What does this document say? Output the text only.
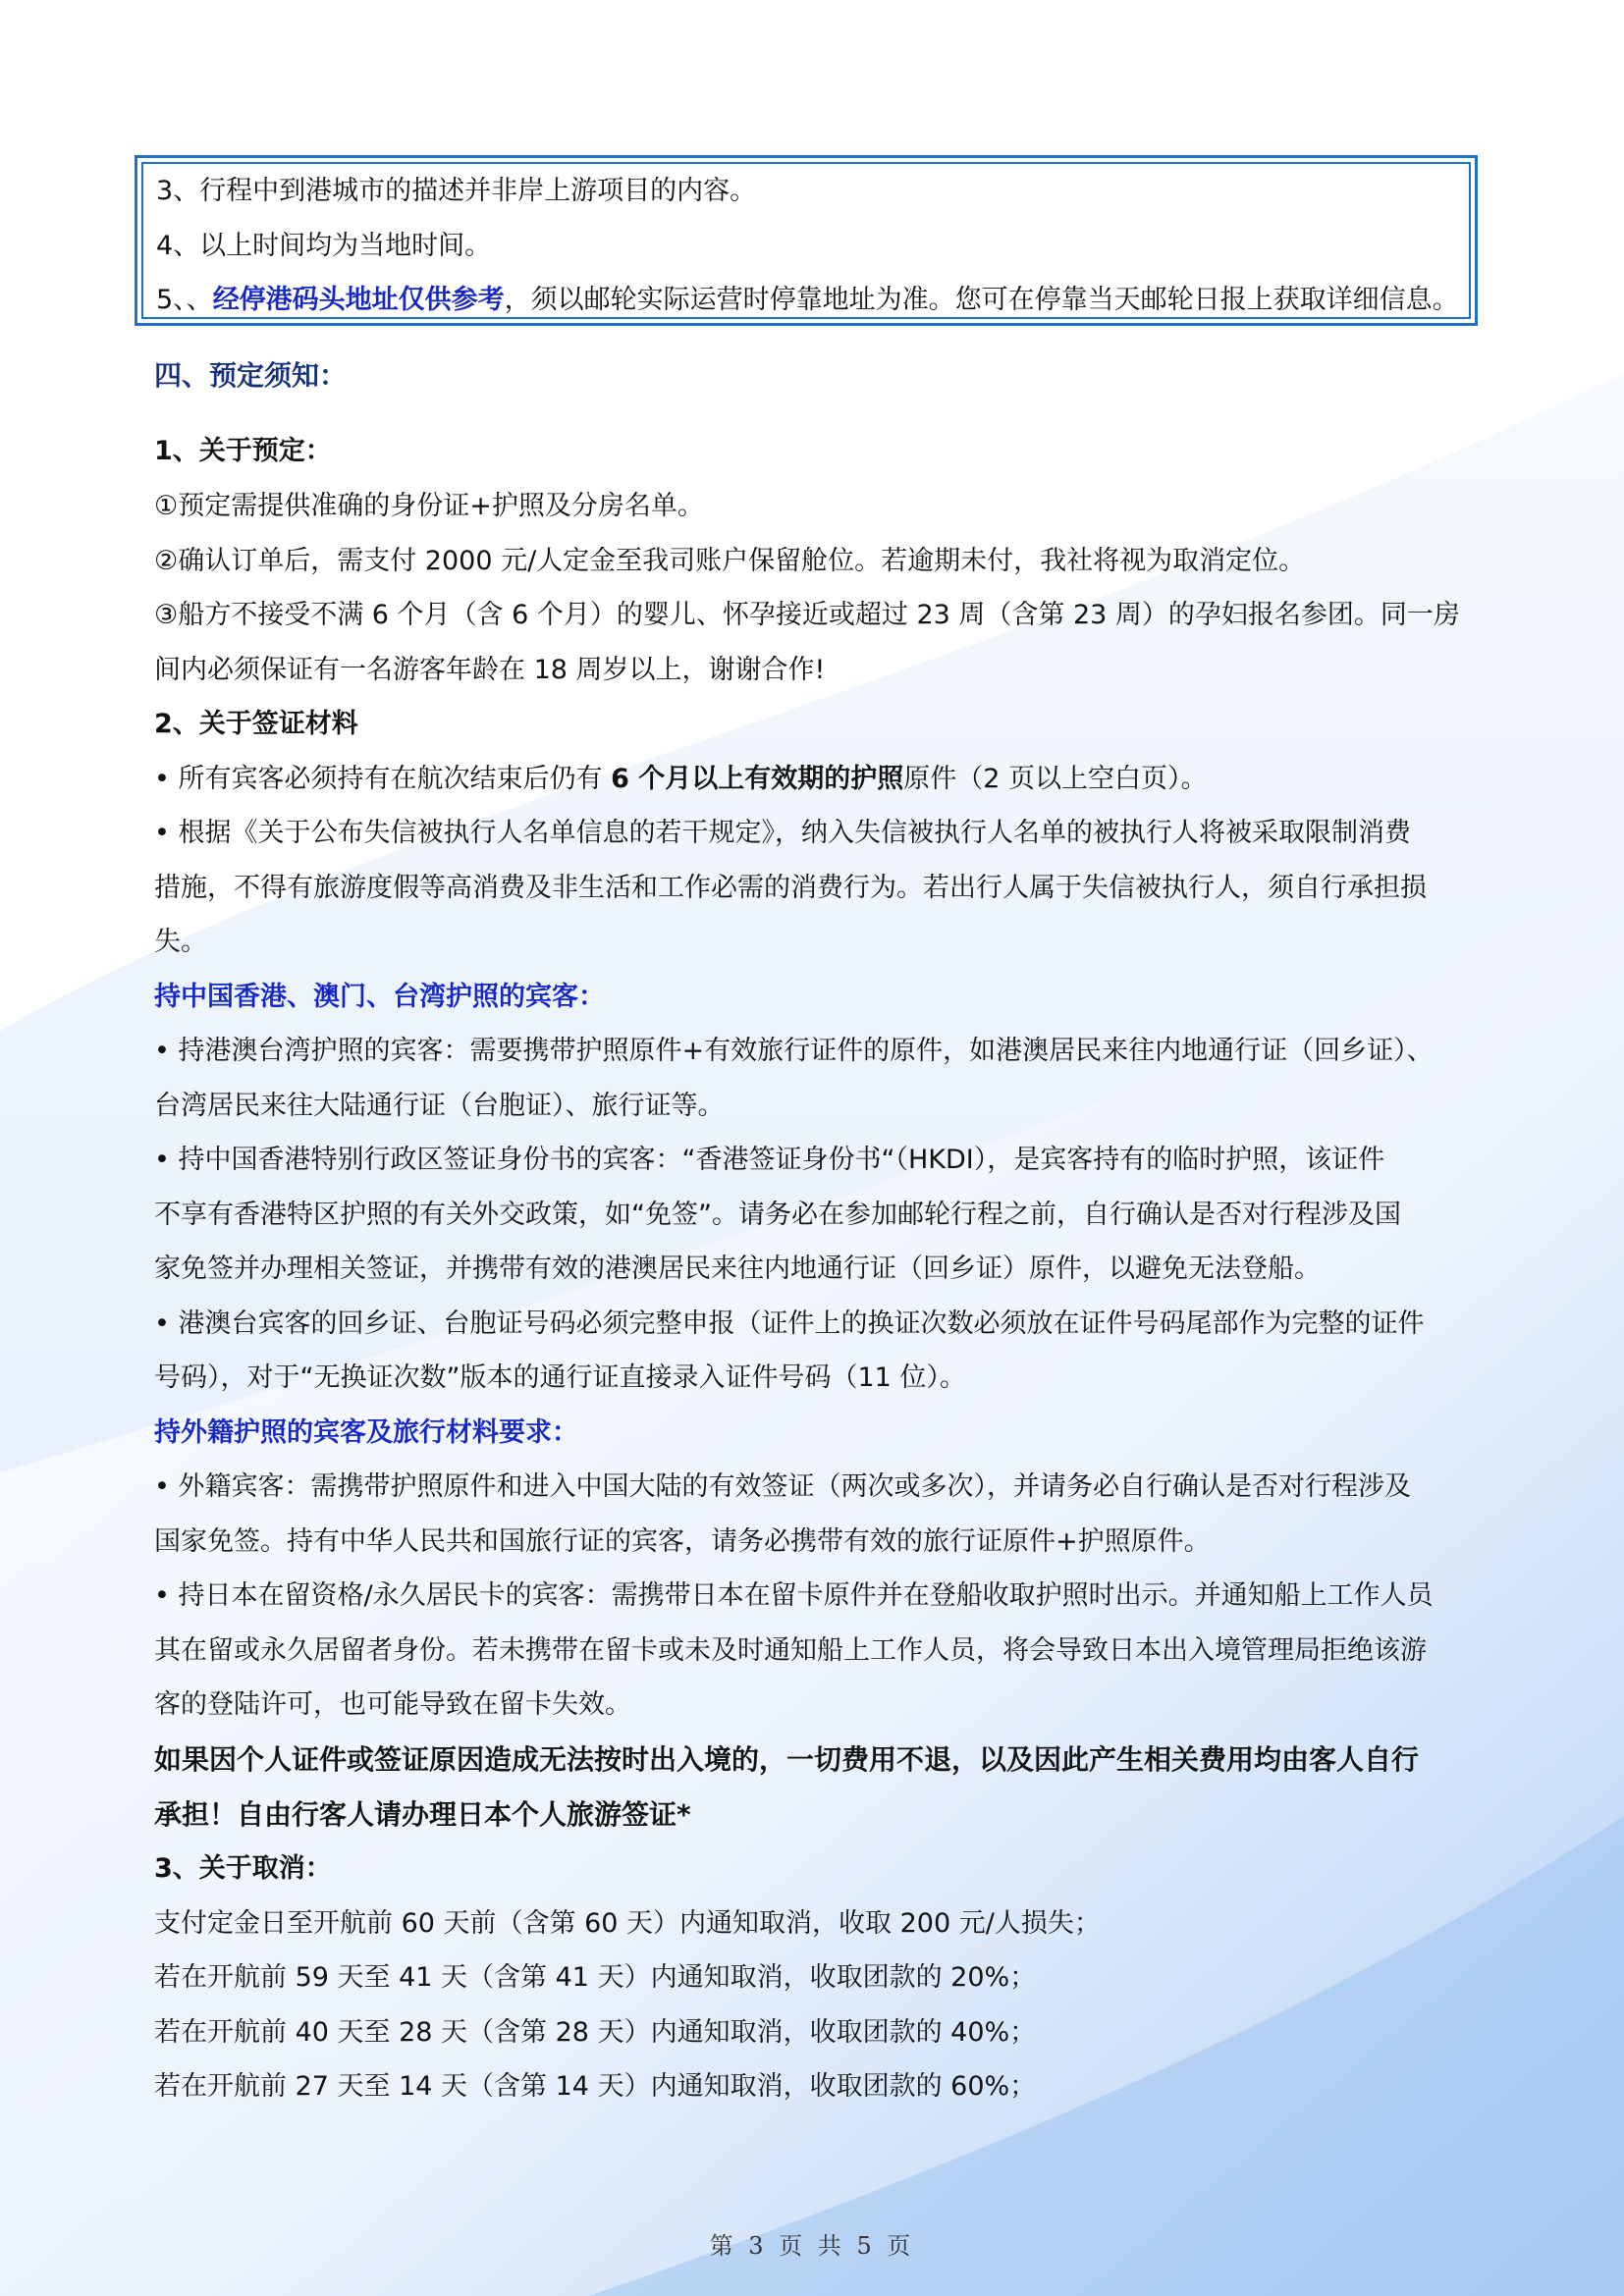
3、行程中到港城市的描述并非岸上游项目的内容。
4、以上时间均为当地时间。
5、、经停港码头地址仅供参考，须以邮轮实际运营时停靠地址为准。您可在停靠当天邮轮日报上获取详细信息。
四、预定须知：
1、关于预定：
①预定需提供准确的身份证+护照及分房名单。
②确认订单后，需支付 2000 元/人定金至我司账户保留舱位。若逾期未付，我社将视为取消定位。
③船方不接受不满 6 个月（含 6 个月）的婴儿、怀孕接近或超过 23 周（含第 23 周）的孕妇报名参团。同一房
间内必须保证有一名游客年龄在 18 周岁以上，谢谢合作!
2、关于签证材料
• 所有宾客必须持有在航次结束后仍有 6 个月以上有效期的护照原件（2 页以上空白页）。
• 根据《关于公布失信被执行人名单信息的若干规定》，纳入失信被执行人名单的被执行人将被采取限制消费
措施，不得有旅游度假等高消费及非生活和工作必需的消费行为。若出行人属于失信被执行人，须自行承担损
失。
持中国香港、澳门、台湾护照的宾客：
• 持港澳台湾护照的宾客：需要携带护照原件+有效旅行证件的原件，如港澳居民来往内地通行证（回乡证）、
台湾居民来往大陆通行证（台胞证）、旅行证等。
• 持中国香港特别行政区签证身份书的宾客：“香港签证身份书“（HKDI），是宾客持有的临时护照，该证件
不享有香港特区护照的有关外交政策，如“免签”。请务必在参加邮轮行程之前，自行确认是否对行程涉及国
家免签并办理相关签证，并携带有效的港澳居民来往内地通行证（回乡证）原件，以避免无法登船。
• 港澳台宾客的回乡证、台胞证号码必须完整申报（证件上的换证次数必须放在证件号码尾部作为完整的证件
号码），对于“无换证次数”版本的通行证直接录入证件号码（11 位）。
持外籍护照的宾客及旅行材料要求：
• 外籍宾客：需携带护照原件和进入中国大陆的有效签证（两次或多次），并请务必自行确认是否对行程涉及
国家免签。持有中华人民共和国旅行证的宾客，请务必携带有效的旅行证原件+护照原件。
• 持日本在留资格/永久居民卡的宾客：需携带日本在留卡原件并在登船收取护照时出示。并通知船上工作人员
其在留或永久居留者身份。若未携带在留卡或未及时通知船上工作人员，将会导致日本出入境管理局拒绝该游
客的登陆许可，也可能导致在留卡失效。
如果因个人证件或签证原因造成无法按时出入境的，一切费用不退，以及因此产生相关费用均由客人自行
承担！自由行客人请办理日本个人旅游签证*
3、关于取消：
支付定金日至开航前 60 天前（含第 60 天）内通知取消，收取 200 元/人损失；
若在开航前 59 天至 41 天（含第 41 天）内通知取消，收取团款的 20%；
若在开航前 40 天至 28 天（含第 28 天）内通知取消，收取团款的 40%；
若在开航前 27 天至 14 天（含第 14 天）内通知取消，收取团款的 60%；
第 3 页 共 5 页
